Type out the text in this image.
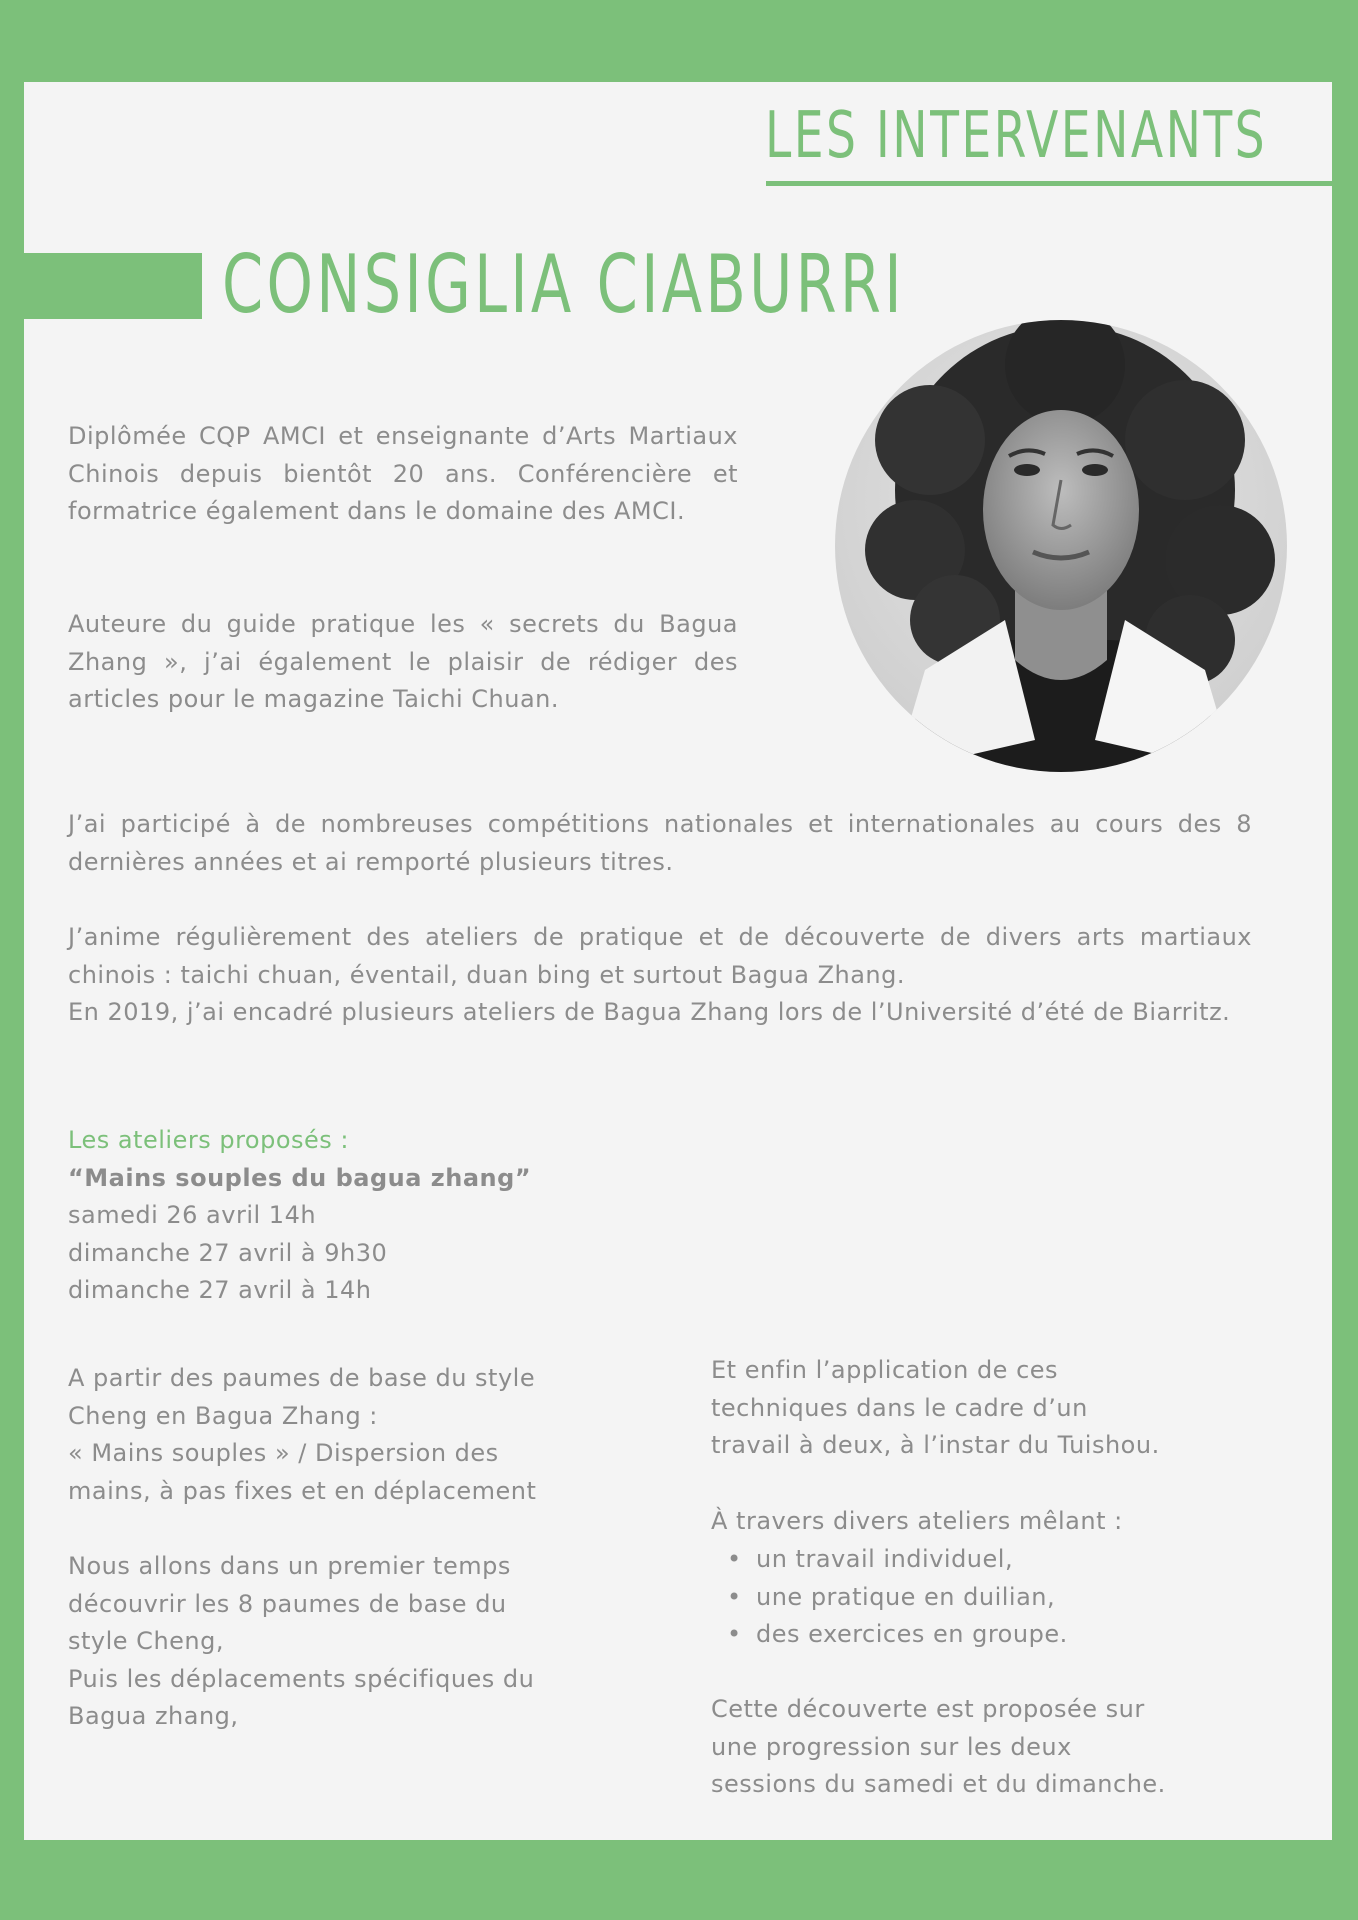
LES INTERVENANTS
CONSIGLIA CIABURRI
Diplômée CQP AMCI et enseignante d’Arts Martiaux Chinois depuis bientôt 20 ans. Conférencière et formatrice également dans le domaine des AMCI.
Auteure du guide pratique les « secrets du Bagua Zhang », j’ai également le plaisir de rédiger des articles pour le magazine Taichi Chuan.
J’ai participé à de nombreuses compétitions nationales et internationales au cours des 8 dernières années et ai remporté plusieurs titres.
J’anime régulièrement des ateliers de pratique et de découverte de divers arts martiaux chinois : taichi chuan, éventail, duan bing et surtout Bagua Zhang.
En 2019, j’ai encadré plusieurs ateliers de Bagua Zhang lors de l’Université d’été de Biarritz.
Les ateliers proposés :
“Mains souples du bagua zhang”
samedi 26 avril 14h
dimanche 27 avril à 9h30
dimanche 27 avril à 14h
A partir des paumes de base du style
Cheng en Bagua Zhang :
« Mains souples » / Dispersion des
mains, à pas fixes et en déplacement
Nous allons dans un premier temps
découvrir les 8 paumes de base du
style Cheng,
Puis les déplacements spécifiques du
Bagua zhang,
Et enfin l’application de ces
techniques dans le cadre d’un
travail à deux, à l’instar du Tuishou.
À travers divers ateliers mêlant :
• un travail individuel,
• une pratique en duilian,
• des exercices en groupe.
Cette découverte est proposée sur
une progression sur les deux
sessions du samedi et du dimanche.
